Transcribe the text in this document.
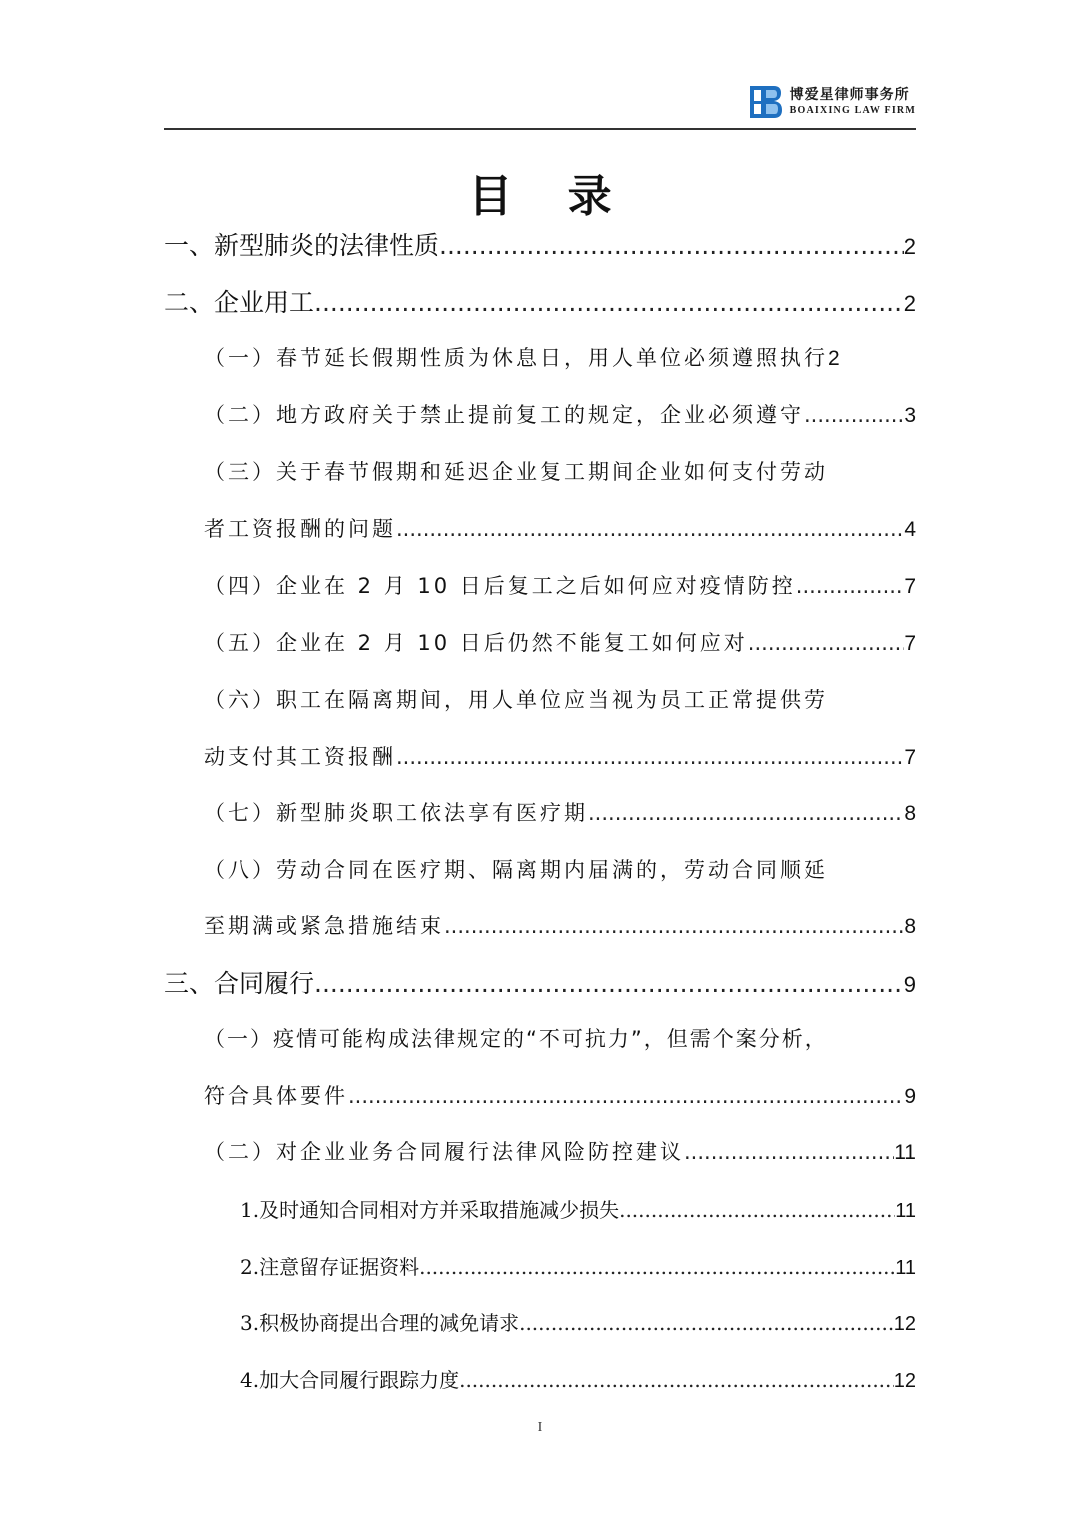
博爱星律师事务所
BOAIXING LAW FIRM
目 录
一、新型肺炎的法律性质 .....	2
二、企业用工 .....	2
（一）春节延长假期性质为休息日，用人单位必须遵照执行 2
（二）地方政府关于禁止提前复工的规定，企业必须遵守 .....	3
（三）关于春节假期和延迟企业复工期间企业如何支付劳动
者工资报酬的问题 .....	4
（四）企业在 2 月 10 日后复工之后如何应对疫情防控 .....	7
（五）企业在 2 月 10 日后仍然不能复工如何应对 .....	7
（六）职工在隔离期间，用人单位应当视为员工正常提供劳
动支付其工资报酬 .....	7
（七）新型肺炎职工依法享有医疗期 .....	8
（八）劳动合同在医疗期、隔离期内届满的，劳动合同顺延
至期满或紧急措施结束 .....	8
三、合同履行 .....	9
（一）疫情可能构成法律规定的“不可抗力”，但需个案分析，
符合具体要件 .....	9
（二）对企业业务合同履行法律风险防控建议 .....	11
1.及时通知合同相对方并采取措施减少损失 .....	11
2.注意留存证据资料 .....	11
3.积极协商提出合理的减免请求 .....	12
4.加大合同履行跟踪力度 .....	12
I
